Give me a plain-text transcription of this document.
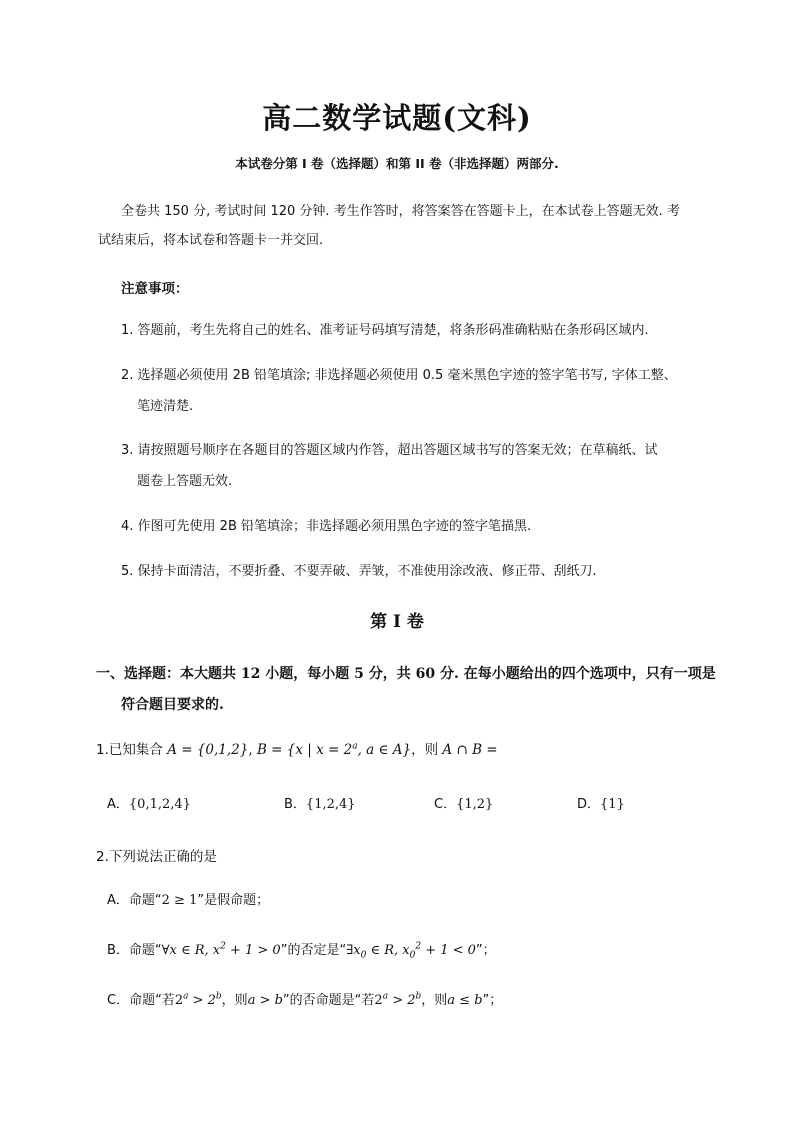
高二数学试题(文科)
本试卷分第 I 卷（选择题）和第 II 卷（非选择题）两部分.
全卷共 150 分, 考试时间 120 分钟. 考生作答时，将答案答在答题卡上，在本试卷上答题无效. 考
试结束后，将本试卷和答题卡一并交回.
注意事项：
1. 答题前，考生先将自己的姓名、准考证号码填写清楚，将条形码准确粘贴在条形码区域内.
2. 选择题必须使用 2B 铅笔填涂; 非选择题必须使用 0.5 毫米黑色字迹的签字笔书写, 字体工整、
笔迹清楚.
3. 请按照题号顺序在各题目的答题区域内作答，超出答题区域书写的答案无效；在草稿纸、试
题卷上答题无效.
4. 作图可先使用 2B 铅笔填涂；非选择题必须用黑色字迹的签字笔描黑.
5. 保持卡面清洁，不要折叠、不要弄破、弄皱，不准使用涂改液、修正带、刮纸刀.
第 I 卷
一、选择题：本大题共 12 小题，每小题 5 分，共 60 分. 在每小题给出的四个选项中，只有一项是
符合题目要求的.
1.已知集合 A = {0,1,2}, B = {x | $x = 2^a$, a ∈ A}，则 A ∩ B =
A．{0,1,2,4}	B．{1,2,4}	C．{1,2}	D．{1}
2.下列说法正确的是
A．命题“2 ≥ 1”是假命题；
B．命题“∀x ∈ R, $x^2 + 1 > 0$”的否定是“$\exists x_0$ ∈ R, $x_0^2 + 1 < 0$”；
C．命题“若$2^a > 2^b$，则a > b”的否命题是“若$2^a > 2^b$，则a ≤ b”；
